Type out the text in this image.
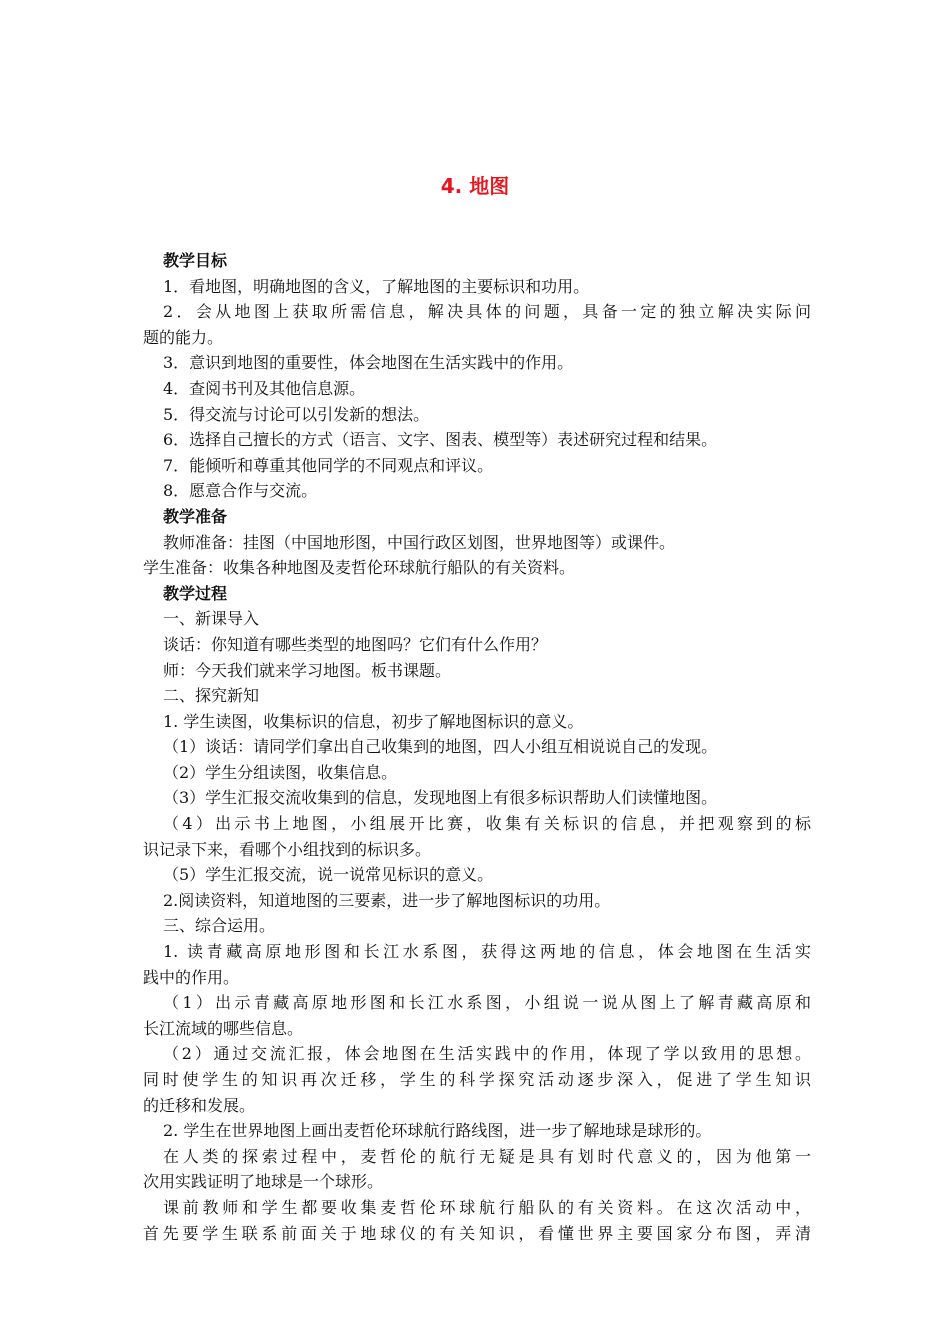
4. 地图
教学目标
1．看地图，明确地图的含义，了解地图的主要标识和功用。
2．会从地图上获取所需信息，解决具体的问题，具备一定的独立解决实际问
题的能力。
3．意识到地图的重要性，体会地图在生活实践中的作用。
4．查阅书刊及其他信息源。
5．得交流与讨论可以引发新的想法。
6．选择自己擅长的方式（语言、文字、图表、模型等）表述研究过程和结果。
7．能倾听和尊重其他同学的不同观点和评议。
8．愿意合作与交流。
教学准备
教师准备：挂图（中国地形图，中国行政区划图，世界地图等）或课件。
学生准备：收集各种地图及麦哲伦环球航行船队的有关资料。
教学过程
一、新课导入
谈话：你知道有哪些类型的地图吗？它们有什么作用？
师：今天我们就来学习地图。板书课题。
二、探究新知
1. 学生读图，收集标识的信息，初步了解地图标识的意义。
（1）谈话：请同学们拿出自己收集到的地图，四人小组互相说说自己的发现。
（2）学生分组读图，收集信息。
（3）学生汇报交流收集到的信息，发现地图上有很多标识帮助人们读懂地图。
（4）出示书上地图，小组展开比赛，收集有关标识的信息，并把观察到的标
识记录下来，看哪个小组找到的标识多。
（5）学生汇报交流，说一说常见标识的意义。
2.阅读资料，知道地图的三要素，进一步了解地图标识的功用。
三、综合运用。
1. 读青藏高原地形图和长江水系图，获得这两地的信息，体会地图在生活实
践中的作用。
（1）出示青藏高原地形图和长江水系图，小组说一说从图上了解青藏高原和
长江流域的哪些信息。
（2）通过交流汇报，体会地图在生活实践中的作用，体现了学以致用的思想。
同时使学生的知识再次迁移，学生的科学探究活动逐步深入，促进了学生知识
的迁移和发展。
2. 学生在世界地图上画出麦哲伦环球航行路线图，进一步了解地球是球形的。
在人类的探索过程中，麦哲伦的航行无疑是具有划时代意义的，因为他第一
次用实践证明了地球是一个球形。
课前教师和学生都要收集麦哲伦环球航行船队的有关资料。在这次活动中，
首先要学生联系前面关于地球仪的有关知识，看懂世界主要国家分布图，弄清
